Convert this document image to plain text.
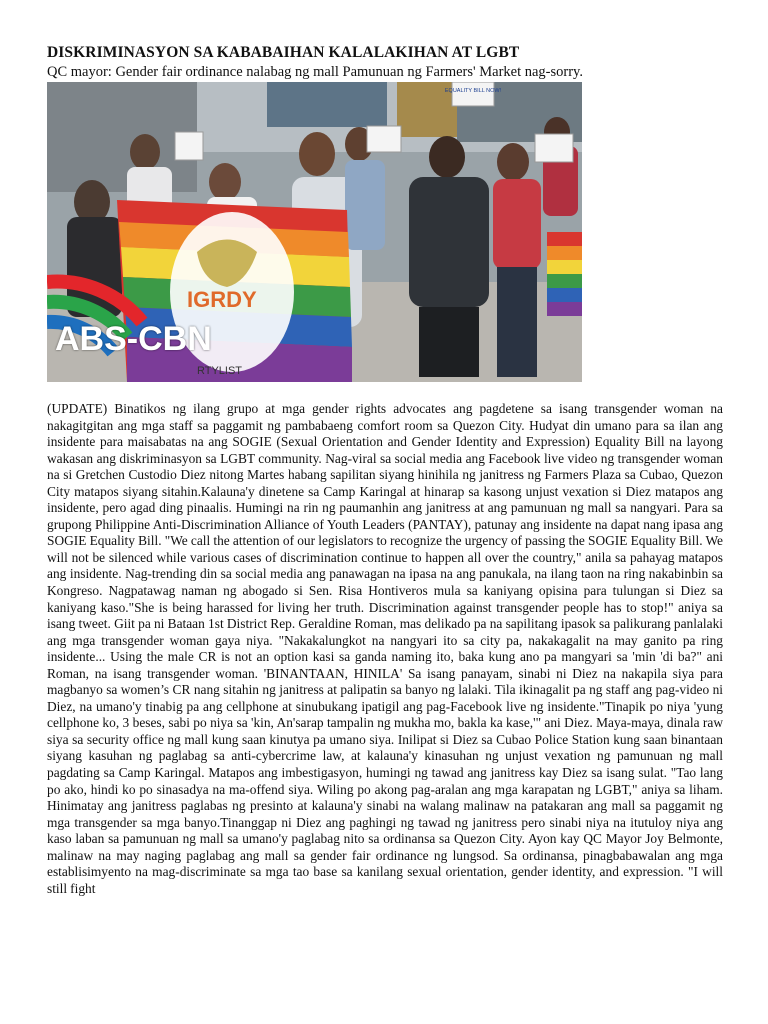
DISKRIMINASYON SA KABABAIHAN KALALAKIHAN AT LGBT
QC mayor: Gender fair ordinance nalabag ng mall Pamunuan ng Farmers' Market nag-sorry.
EQUALITY BILL NOW!
IGRDY
RTYLIST
ABS-CBN
(UPDATE) Binatikos ng ilang grupo at mga gender rights advocates ang pagdetene sa isang transgender woman na nakagitgitan ang mga staff sa paggamit ng pambabaeng comfort room sa Quezon City. Hudyat din umano para sa ilan ang insidente para maisabatas na ang SOGIE (Sexual Orientation and Gender Identity and Expression) Equality Bill na layong wakasan ang diskriminasyon sa LGBT community. Nag-viral sa social media ang Facebook live video ng transgender woman na si Gretchen Custodio Diez nitong Martes habang sapilitan siyang hinihila ng janitress ng Farmers Plaza sa Cubao, Quezon City matapos siyang sitahin.Kalauna'y dinetene sa Camp Karingal at hinarap sa kasong unjust vexation si Diez matapos ang insidente, pero agad ding pinaalis. Humingi na rin ng paumanhin ang janitress at ang pamunuan ng mall sa nangyari. Para sa grupong Philippine Anti-Discrimination Alliance of Youth Leaders (PANTAY), patunay ang insidente na dapat nang ipasa ang SOGIE Equality Bill. "We call the attention of our legislators to recognize the urgency of passing the SOGIE Equality Bill. We will not be silenced while various cases of discrimination continue to happen all over the country," anila sa pahayag matapos ang insidente. Nag-trending din sa social media ang panawagan na ipasa na ang panukala, na ilang taon na ring nakabinbin sa Kongreso. Nagpatawag naman ng abogado si Sen. Risa Hontiveros mula sa kaniyang opisina para tulungan si Diez sa kaniyang kaso."She is being harassed for living her truth. Discrimination against transgender people has to stop!" aniya sa isang tweet. Giit pa ni Bataan 1st District Rep. Geraldine Roman, mas delikado pa na sapilitang ipasok sa palikurang panlalaki ang mga transgender woman gaya niya. "Nakakalungkot na nangyari ito sa city pa, nakakagalit na may ganito pa ring insidente... Using the male CR is not an option kasi sa ganda naming ito, baka kung ano pa mangyari sa 'min 'di ba?" ani Roman, na isang transgender woman. 'BINANTAAN, HINILA' Sa isang panayam, sinabi ni Diez na nakapila siya para magbanyo sa women’s CR nang sitahin ng janitress at palipatin sa banyo ng lalaki. Tila ikinagalit pa ng staff ang pag-video ni Diez, na umano'y tinabig pa ang cellphone at sinubukang ipatigil ang pag-Facebook live ng insidente."Tinapik po niya 'yung cellphone ko, 3 beses, sabi po niya sa 'kin, An'sarap tampalin ng mukha mo, bakla ka kase,'" ani Diez. Maya-maya, dinala raw siya sa security office ng mall kung saan kinutya pa umano siya. Inilipat si Diez sa Cubao Police Station kung saan binantaan siyang kasuhan ng paglabag sa anti-cybercrime law, at kalauna'y kinasuhan ng unjust vexation ng pamunuan ng mall pagdating sa Camp Karingal. Matapos ang imbestigasyon, humingi ng tawad ang janitress kay Diez sa isang sulat. "Tao lang po ako, hindi ko po sinasadya na ma-offend siya. Wiling po akong pag-aralan ang mga karapatan ng LGBT," aniya sa liham. Hinimatay ang janitress paglabas ng presinto at kalauna'y sinabi na walang malinaw na patakaran ang mall sa paggamit ng mga transgender sa mga banyo.Tinanggap ni Diez ang paghingi ng tawad ng janitress pero sinabi niya na itutuloy niya ang kaso laban sa pamunuan ng mall sa umano'y paglabag nito sa ordinansa sa Quezon City. Ayon kay QC Mayor Joy Belmonte, malinaw na may naging paglabag ang mall sa gender fair ordinance ng lungsod. Sa ordinansa, pinagbabawalan ang mga establisimyento na mag-discriminate sa mga tao base sa kanilang sexual orientation, gender identity, and expression. "I will still fight
